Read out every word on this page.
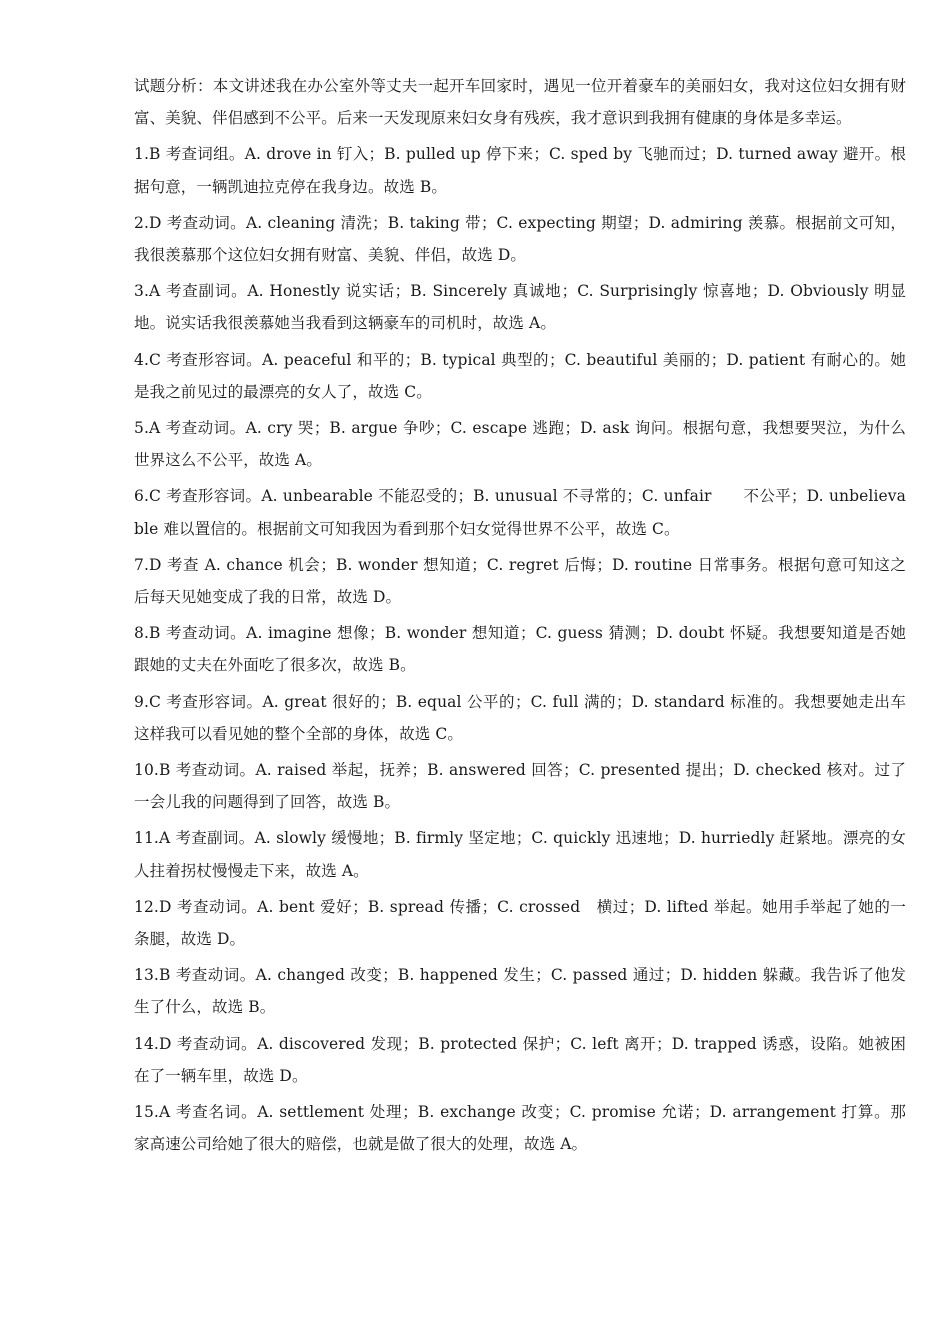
试题分析：本文讲述我在办公室外等丈夫一起开车回家时，遇见一位开着豪车的美丽妇女，我对这位妇女拥有财富、美貌、伴侣感到不公平。后来一天发现原来妇女身有残疾，我才意识到我拥有健康的身体是多幸运。

1.B 考查词组。A. drove in 钉入；B. pulled up 停下来；C. sped by 飞驰而过；D. turned away 避开。根据句意，一辆凯迪拉克停在我身边。故选 B。

2.D 考查动词。A. cleaning 清洗；B. taking 带；C. expecting 期望；D. admiring 羡慕。根据前文可知，我很羡慕那个这位妇女拥有财富、美貌、伴侣，故选 D。

3.A 考查副词。A. Honestly 说实话；B. Sincerely 真诚地；C. Surprisingly 惊喜地；D. Obviously 明显地。说实话我很羡慕她当我看到这辆豪车的司机时，故选 A。

4.C 考查形容词。A. peaceful 和平的；B. typical 典型的；C. beautiful 美丽的；D. patient 有耐心的。她是我之前见过的最漂亮的女人了，故选 C。

5.A 考查动词。A. cry 哭；B. argue 争吵；C. escape 逃跑；D. ask 询问。根据句意，我想要哭泣，为什么世界这么不公平，故选 A。

6.C 考查形容词。A. unbearable 不能忍受的；B. unusual 不寻常的；C. unfair　　不公平；D. unbelievable 难以置信的。根据前文可知我因为看到那个妇女觉得世界不公平，故选 C。

7.D 考查 A. chance 机会；B. wonder 想知道；C. regret 后悔；D. routine 日常事务。根据句意可知这之后每天见她变成了我的日常，故选 D。

8.B 考查动词。A. imagine 想像；B. wonder 想知道；C. guess 猜测；D. doubt 怀疑。我想要知道是否她跟她的丈夫在外面吃了很多次，故选 B。

9.C 考查形容词。A. great 很好的；B. equal 公平的；C. full 满的；D. standard 标准的。我想要她走出车这样我可以看见她的整个全部的身体，故选 C。

10.B 考查动词。A. raised 举起，抚养；B. answered 回答；C. presented 提出；D. checked 核对。过了一会儿我的问题得到了回答，故选 B。

11.A 考查副词。A. slowly 缓慢地；B. firmly 坚定地；C. quickly 迅速地；D. hurriedly 赶紧地。漂亮的女人拄着拐杖慢慢走下来，故选 A。

12.D 考查动词。A. bent 爱好；B. spread 传播；C. crossed　横过；D. lifted 举起。她用手举起了她的一条腿，故选 D。

13.B 考查动词。A. changed 改变；B. happened 发生；C. passed 通过；D. hidden 躲藏。我告诉了他发生了什么，故选 B。

14.D 考查动词。A. discovered 发现；B. protected 保护；C. left 离开；D. trapped 诱惑，设陷。她被困在了一辆车里，故选 D。

15.A 考查名词。A. settlement 处理；B. exchange 改变；C. promise 允诺；D. arrangement 打算。那家高速公司给她了很大的赔偿，也就是做了很大的处理，故选 A。
